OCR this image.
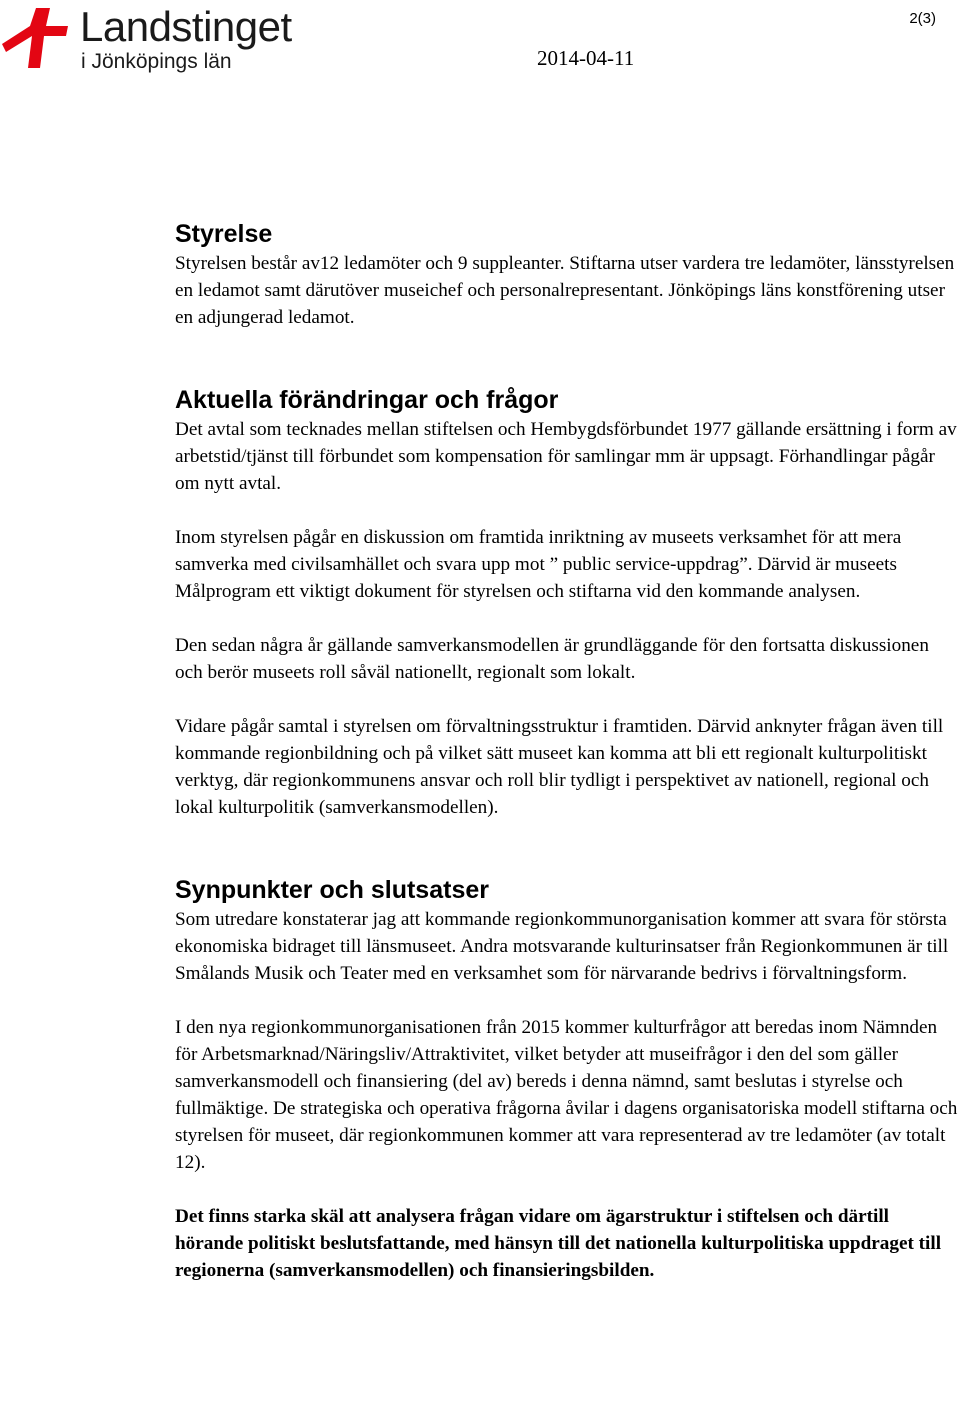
Landstinget
i Jönköpings län
2(3)
2014-04-11
Styrelse

Styrelsen består av12 ledamöter och 9 suppleanter. Stiftarna utser vardera tre ledamöter, länsstyrelsen en ledamot samt därutöver museichef och personalrepresentant. Jönköpings läns konstförening utser en adjungerad ledamot.

Aktuella förändringar och frågor

Det avtal som tecknades mellan stiftelsen och Hembygdsförbundet 1977 gällande ersättning i form av arbetstid/tjänst till förbundet som kompensation för samlingar mm är uppsagt. Förhandlingar pågår om nytt avtal.

Inom styrelsen pågår en diskussion om framtida inriktning av museets verksamhet för att mera samverka med civilsamhället och svara upp mot ” public service-uppdrag”. Därvid är museets Målprogram ett viktigt dokument för styrelsen och stiftarna vid den kommande analysen.

Den sedan några år gällande samverkansmodellen är grundläggande för den fortsatta diskussionen och berör museets roll såväl nationellt, regionalt som lokalt.

Vidare pågår samtal i styrelsen om förvaltningsstruktur i framtiden. Därvid anknyter frågan även till kommande regionbildning och på vilket sätt museet kan komma att bli ett regionalt kulturpolitiskt verktyg, där regionkommunens ansvar och roll blir tydligt i perspektivet av nationell, regional och lokal kulturpolitik (samverkansmodellen).

Synpunkter och slutsatser

Som utredare konstaterar jag att kommande regionkommunorganisation kommer att svara för största ekonomiska bidraget till länsmuseet. Andra motsvarande kulturinsatser från Regionkommunen är till Smålands Musik och Teater med en verksamhet som för närvarande bedrivs i förvaltningsform.

I den nya regionkommunorganisationen från 2015 kommer kulturfrågor att beredas inom Nämnden för Arbetsmarknad/Näringsliv/Attraktivitet, vilket betyder att museifrågor i den del som gäller samverkansmodell och finansiering (del av) bereds i denna nämnd, samt beslutas i styrelse och fullmäktige. De strategiska och operativa frågorna åvilar i dagens organisatoriska modell stiftarna och styrelsen för museet, där regionkommunen kommer att vara representerad av tre ledamöter (av totalt 12).

Det finns starka skäl att analysera frågan vidare om ägarstruktur i stiftelsen och därtill hörande politiskt beslutsfattande, med hänsyn till det nationella kulturpolitiska uppdraget till regionerna (samverkansmodellen) och finansieringsbilden.
